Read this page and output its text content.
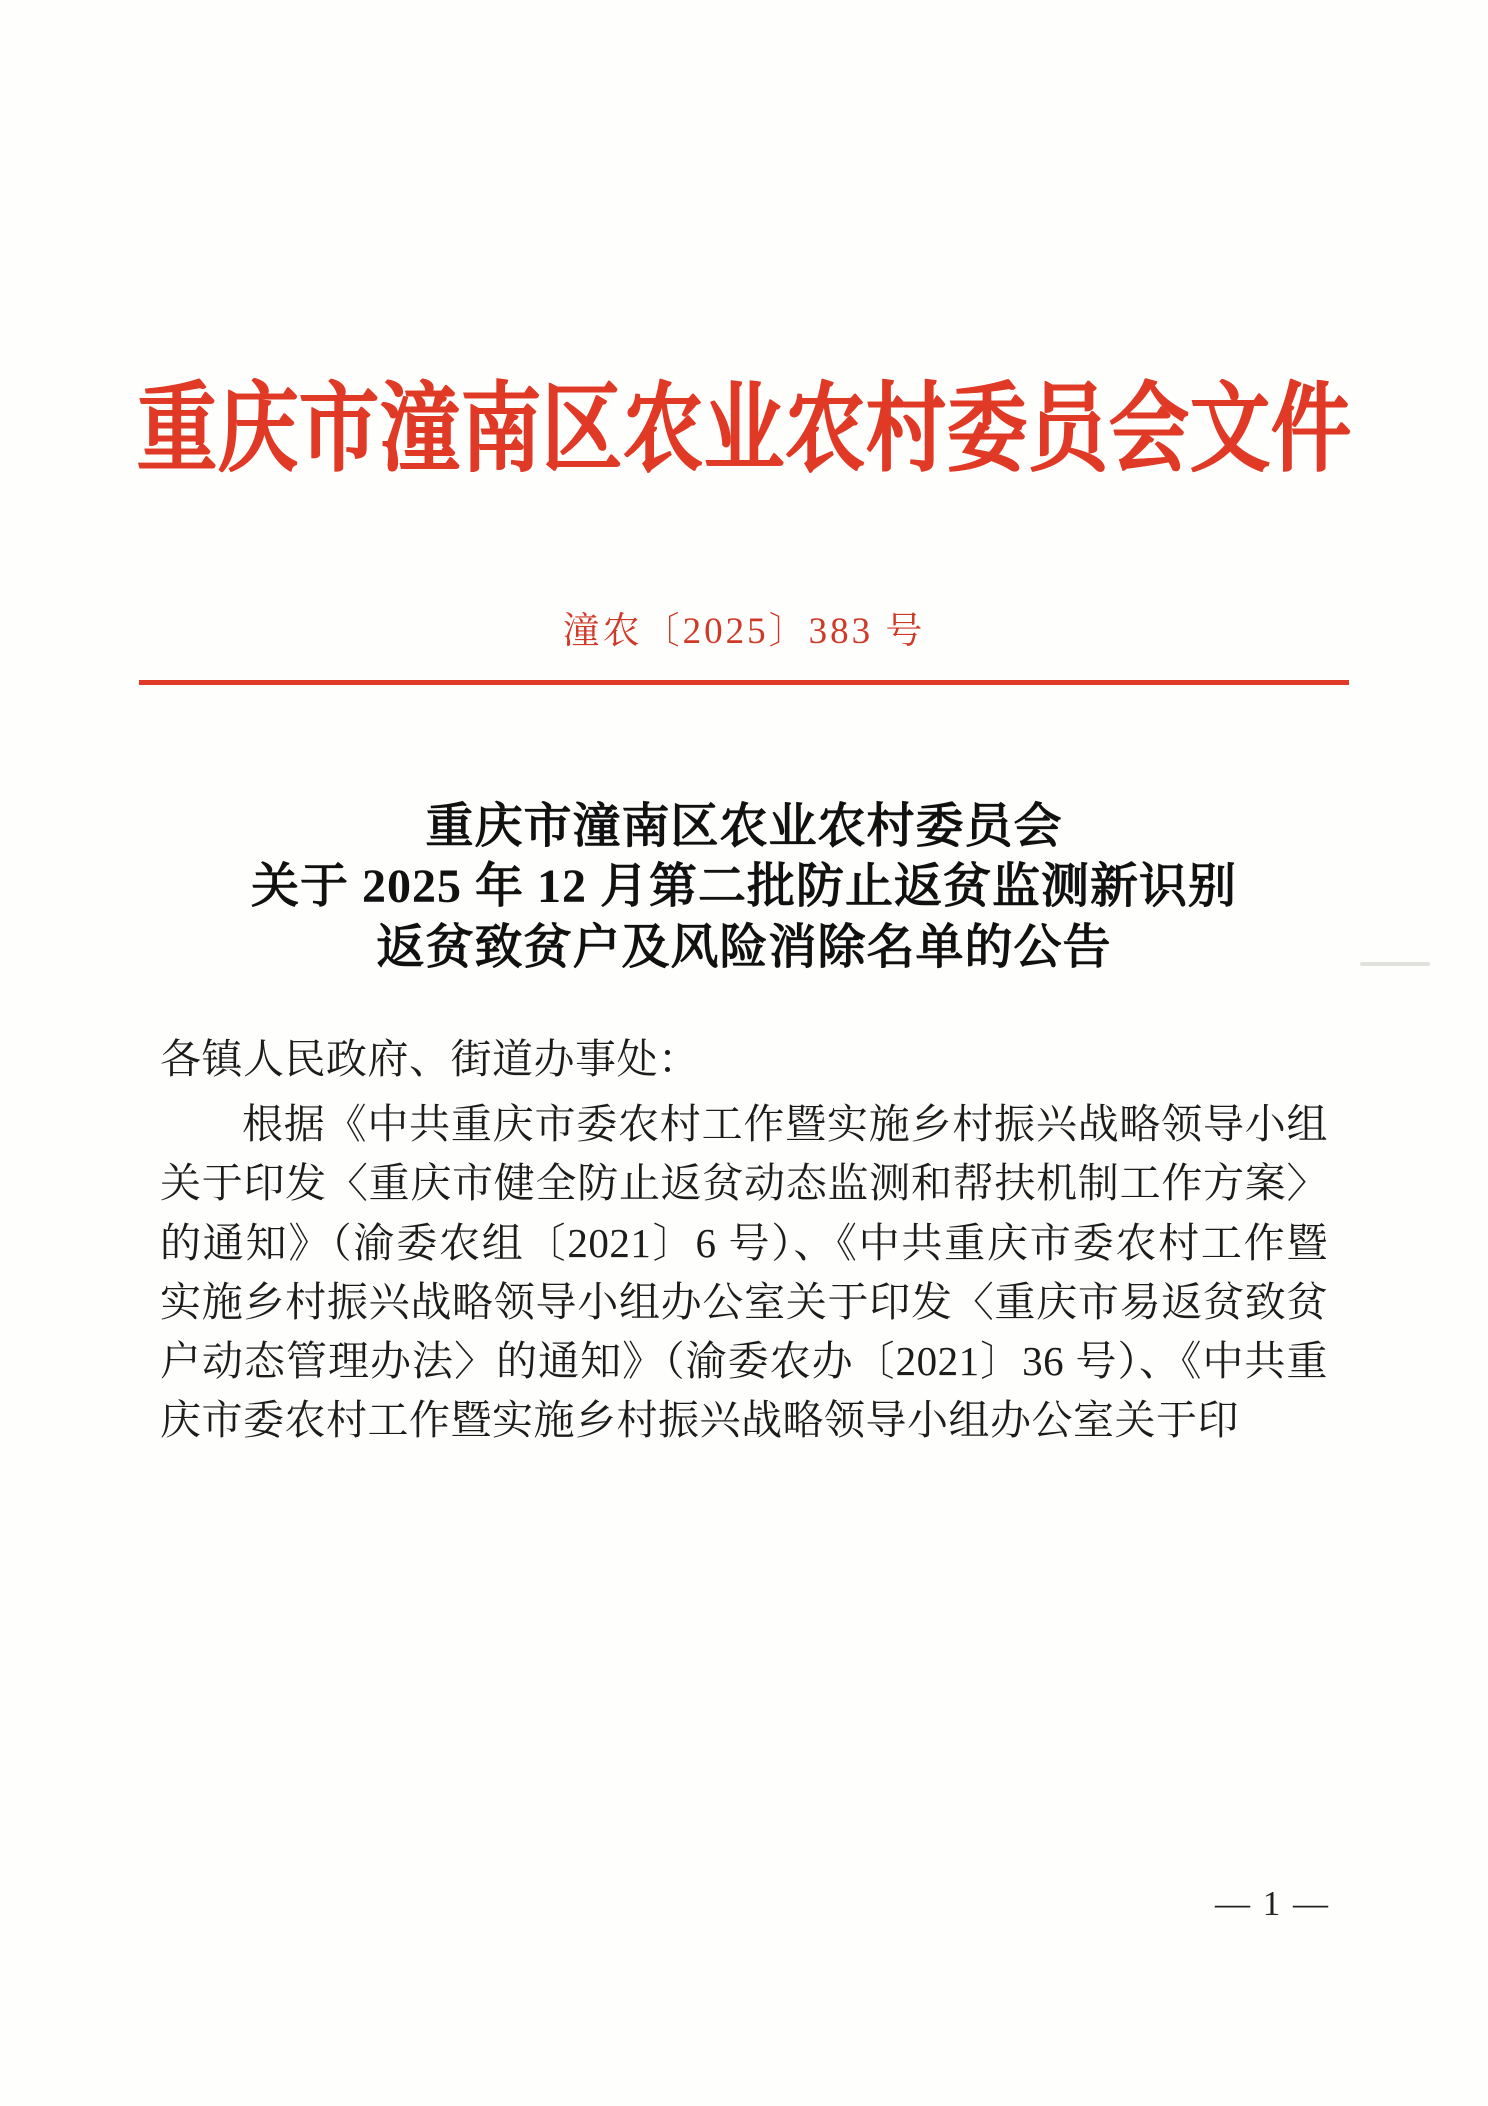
重庆市潼南区农业农村委员会文件
潼农〔2025〕383 号
重庆市潼南区农业农村委员会
关于 2025 年 12 月第二批防止返贫监测新识别
返贫致贫户及风险消除名单的公告

各镇人民政府、街道办事处：

根据《中共重庆市委农村工作暨实施乡村振兴战略领导小组关于印发〈重庆市健全防止返贫动态监测和帮扶机制工作方案〉的通知》（渝委农组〔2021〕6 号）、《中共重庆市委农村工作暨实施乡村振兴战略领导小组办公室关于印发〈重庆市易返贫致贫户动态管理办法〉的通知》（渝委农办〔2021〕36 号）、《中共重庆市委农村工作暨实施乡村振兴战略领导小组办公室关于印

— 1 —
